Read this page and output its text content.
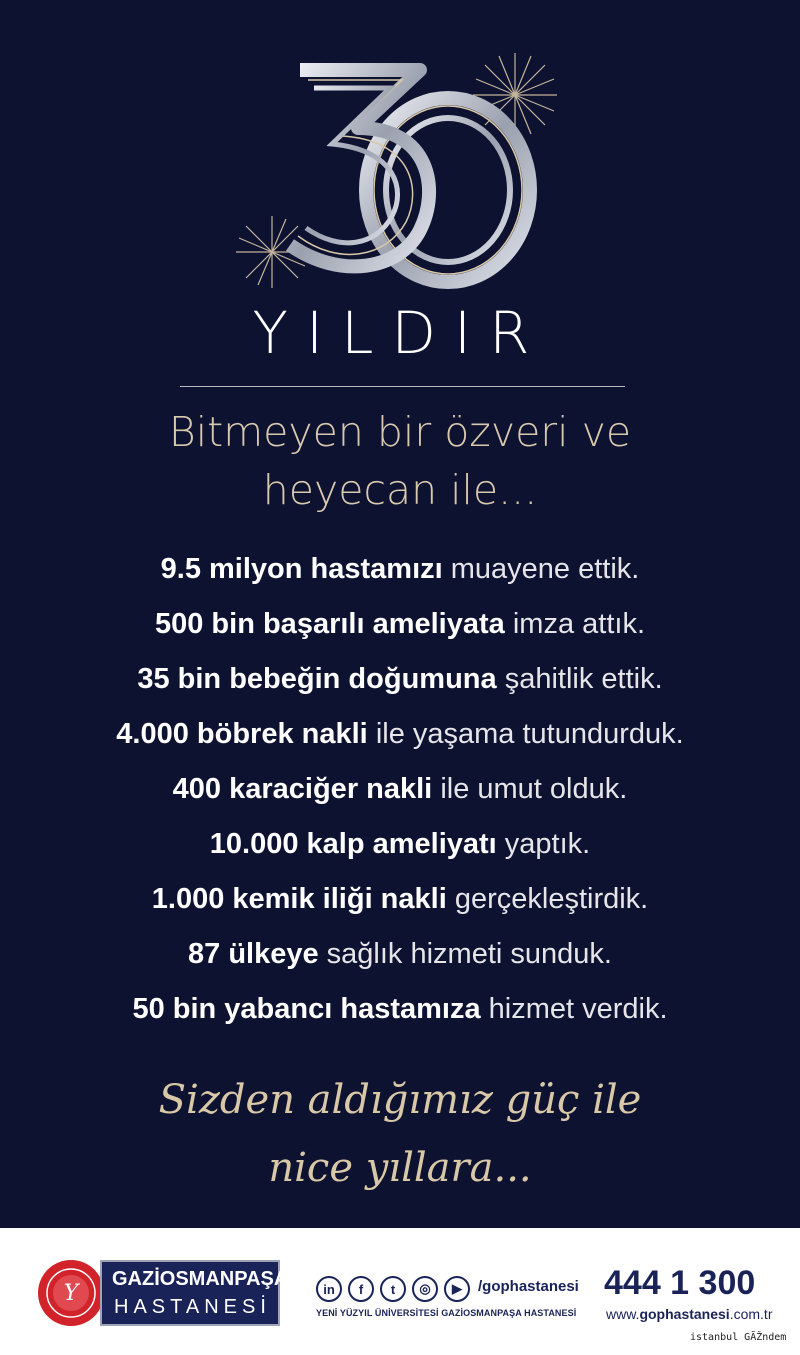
YILDIR
Bitmeyen bir özveri ve
heyecan ile...
9.5 milyon hastamızı muayene ettik.
500 bin başarılı ameliyata imza attık.
35 bin bebeğin doğumuna şahitlik ettik.
4.000 böbrek nakli ile yaşama tutundurduk.
400 karaciğer nakli ile umut olduk.
10.000 kalp ameliyatı yaptık.
1.000 kemik iliği nakli gerçekleştirdik.
87 ülkeye sağlık hizmeti sunduk.
50 bin yabancı hastamıza hizmet verdik.
Sizden aldığımız güç ile
nice yıllara...
Y
GAZİOSMANPAŞA
HASTANESİ
in	f	t	◎	▶	/gophastanesi
YENİ YÜZYIL ÜNİVERSİTESİ GAZİOSMANPAŞA HASTANESİ
444 1 300
www.gophastanesi.com.tr
istanbul GÃŽndem
